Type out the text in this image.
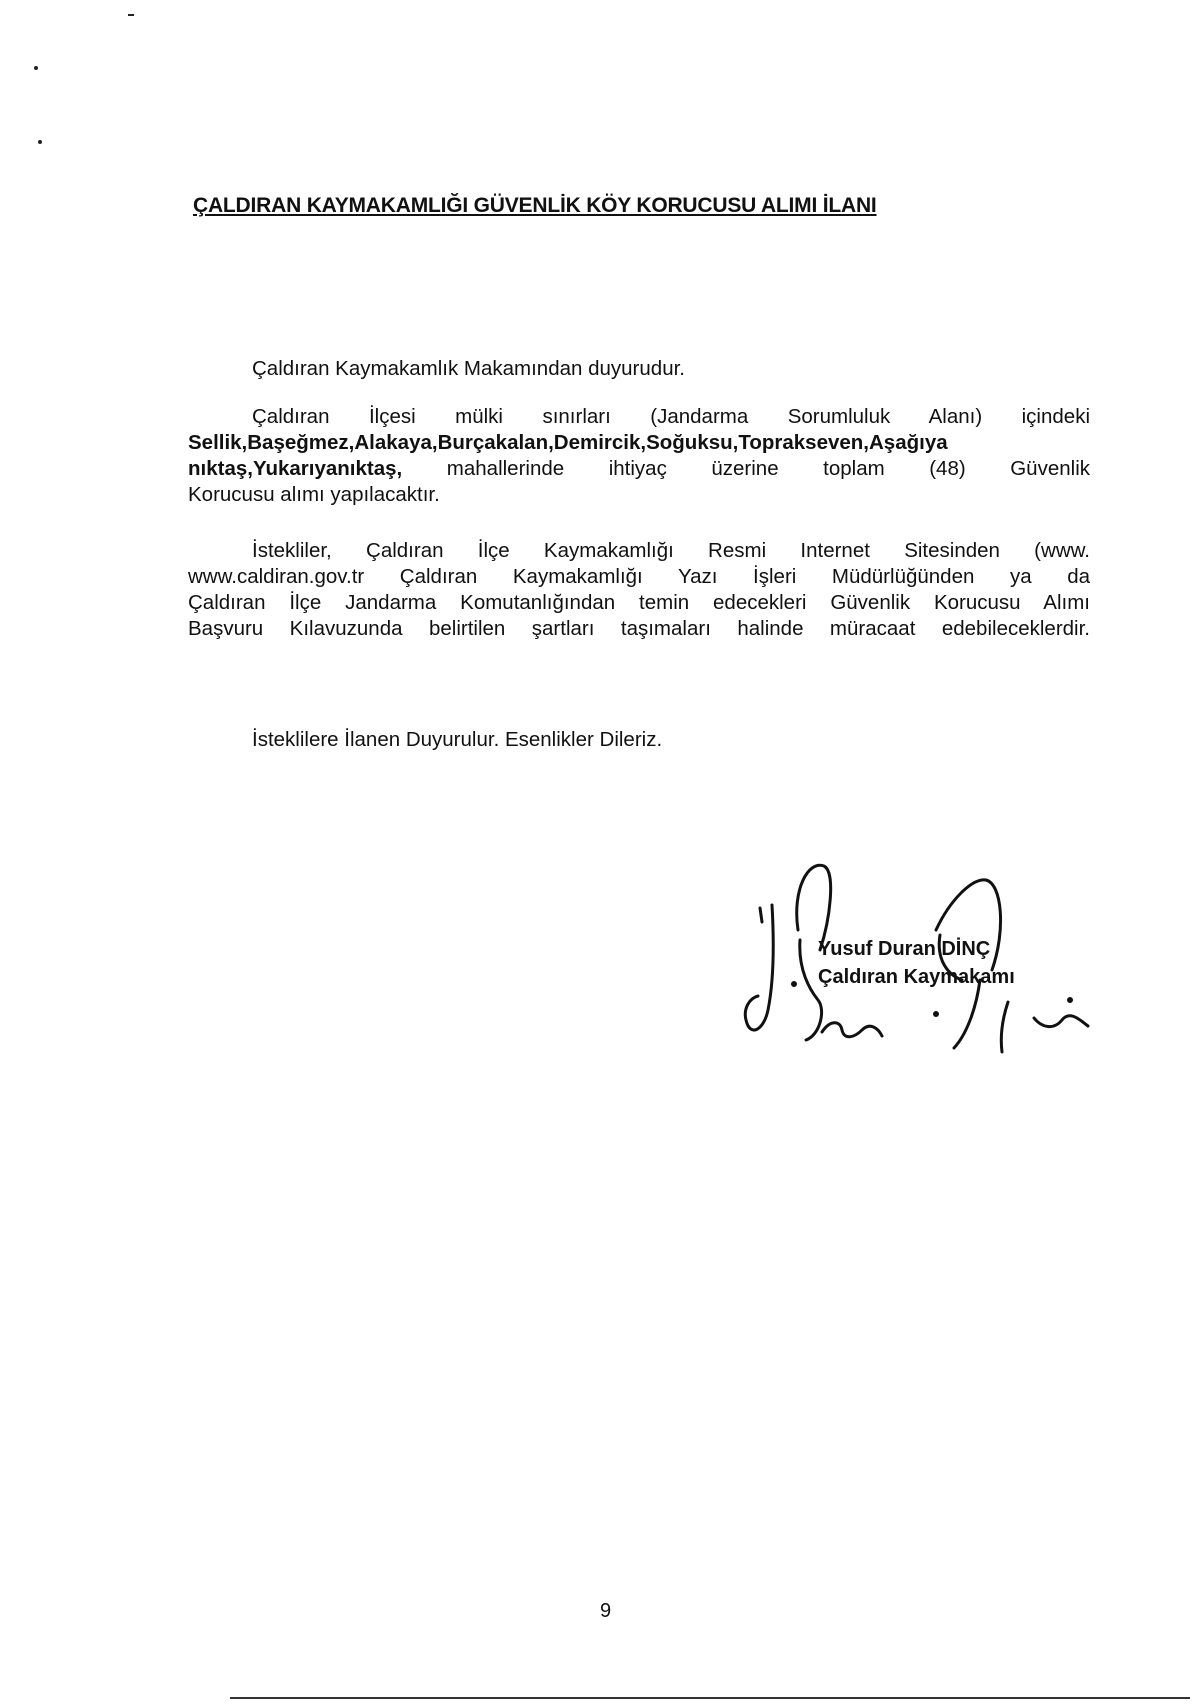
ÇALDIRAN KAYMAKAMLIĞI GÜVENLİK KÖY KORUCUSU ALIMI İLANI
Çaldıran Kaymakamlık Makamından duyurudur.
Çaldıran İlçesi mülki sınırları (Jandarma Sorumluluk Alanı) içindeki
Sellik,Başeğmez,Alakaya,Burçakalan,Demircik,Soğuksu,Toprakseven,Aşağıya
nıktaş,Yukarıyanıktaş, mahallerinde ihtiyaç üzerine toplam (48) Güvenlik
Korucusu alımı yapılacaktır.
İstekliler, Çaldıran İlçe Kaymakamlığı Resmi Internet Sitesinden (www.
www.caldiran.gov.tr Çaldıran Kaymakamlığı Yazı İşleri Müdürlüğünden ya da
Çaldıran İlçe Jandarma Komutanlığından temin edecekleri Güvenlik Korucusu Alımı
Başvuru Kılavuzunda belirtilen şartları taşımaları halinde müracaat edebileceklerdir.
İsteklilere İlanen Duyurulur. Esenlikler Dileriz.
Yusuf Duran DİNÇ
Çaldıran Kaymakamı
9
